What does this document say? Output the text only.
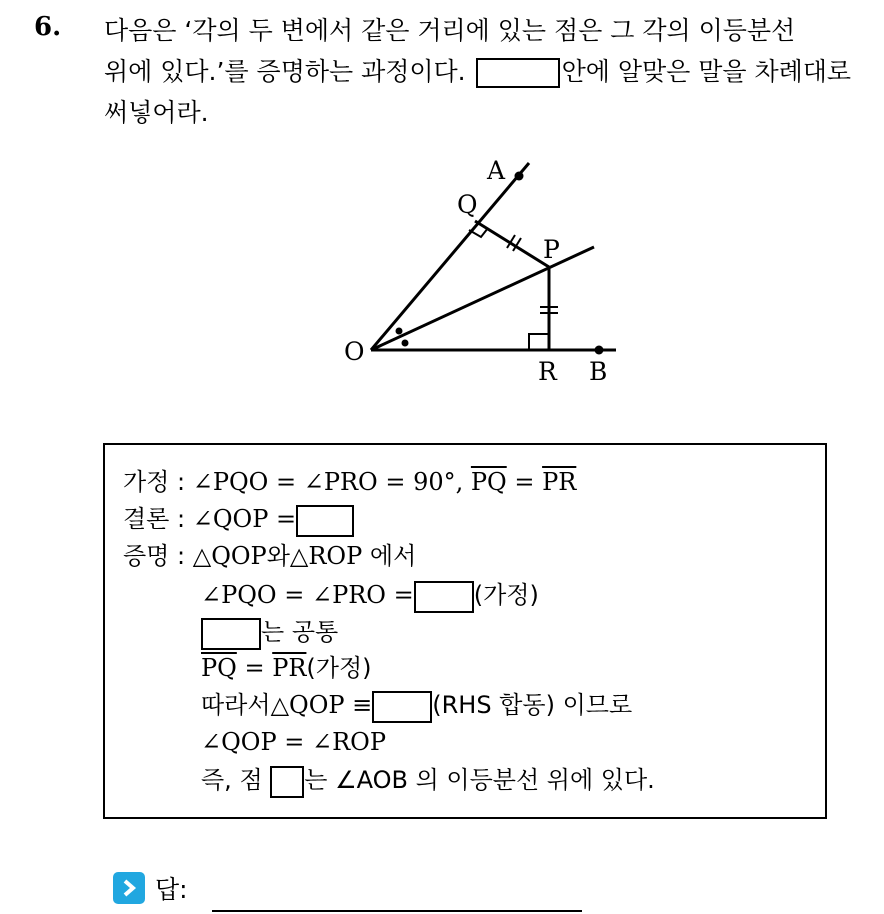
6. 다음은 ‘각의 두 변에서 같은 거리에 있는 점은 그 각의 이등분선
위에 있다.’를 증명하는 과정이다.	안에 알맞은 말을 차례대로
써넣어라.
A
Q
P
O
R B
가정 : ∠PQO = ∠PRO = 90°, $\overline{PQ} = \overline{PR}$
결론 : ∠QOP =
증명 : △QOP와△ROP 에서
∠PQO = ∠PRO =	(가정)
는 공통
$\overline{PQ} = \overline{PR}$(가정)
따라서△QOP ≡	(RHS 합동) 이므로
∠QOP = ∠ROP
즉, 점 는 ∠AOB 의 이등분선 위에 있다.
답:
